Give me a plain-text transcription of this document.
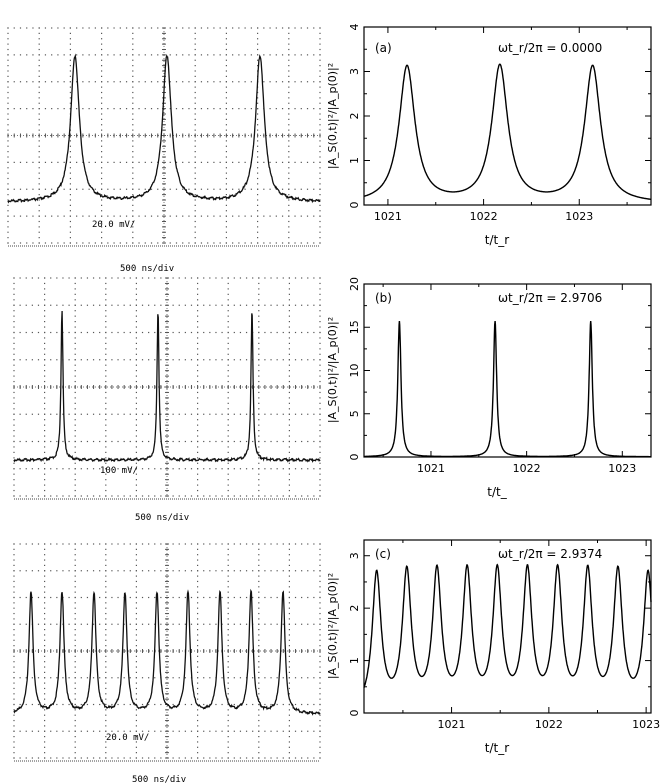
20.0 mV/
500 ns/div
100 mV/
500 ns/div
20.0 mV/
500 ns/div
0
1
2
3
4
1021	1022	1023
(a)	ωt_r/2π = 0.0000
t/t_r
|A_S(0,t)|²/|A_p(0)|²
0
5
10
15
20
1021	1022	1023
(b)	ωt_r/2π = 2.9706
t/t_
|A_S(0,t)|²/|A_p(0)|²
0
1
2
3
1021	1022	1023
(c)	ωt_r/2π = 2.9374
t/t_r
|A_S(0,t)|²/|A_p(0)|²
